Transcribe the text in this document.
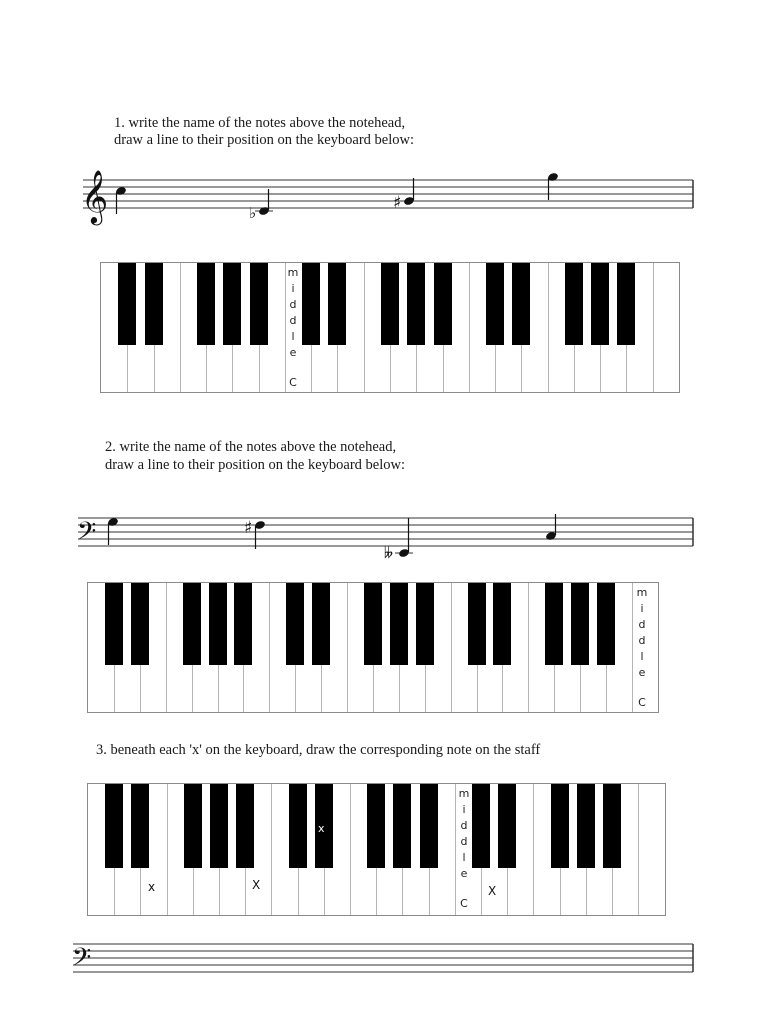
1. write the name of the notes above the notehead,

draw a line to their position on the keyboard below:

𝄞	♭	♯
m
i
d
d
l
e
C

2. write the name of the notes above the notehead,

draw a line to their position on the keyboard below:

𝄢	♯
𝄫
m
i
d
d
l
e
C

3. beneath each 'x' on the keyboard, draw the corresponding note on the staff

m
i
d
d
l
e
C
x	X
x
X
𝄢
